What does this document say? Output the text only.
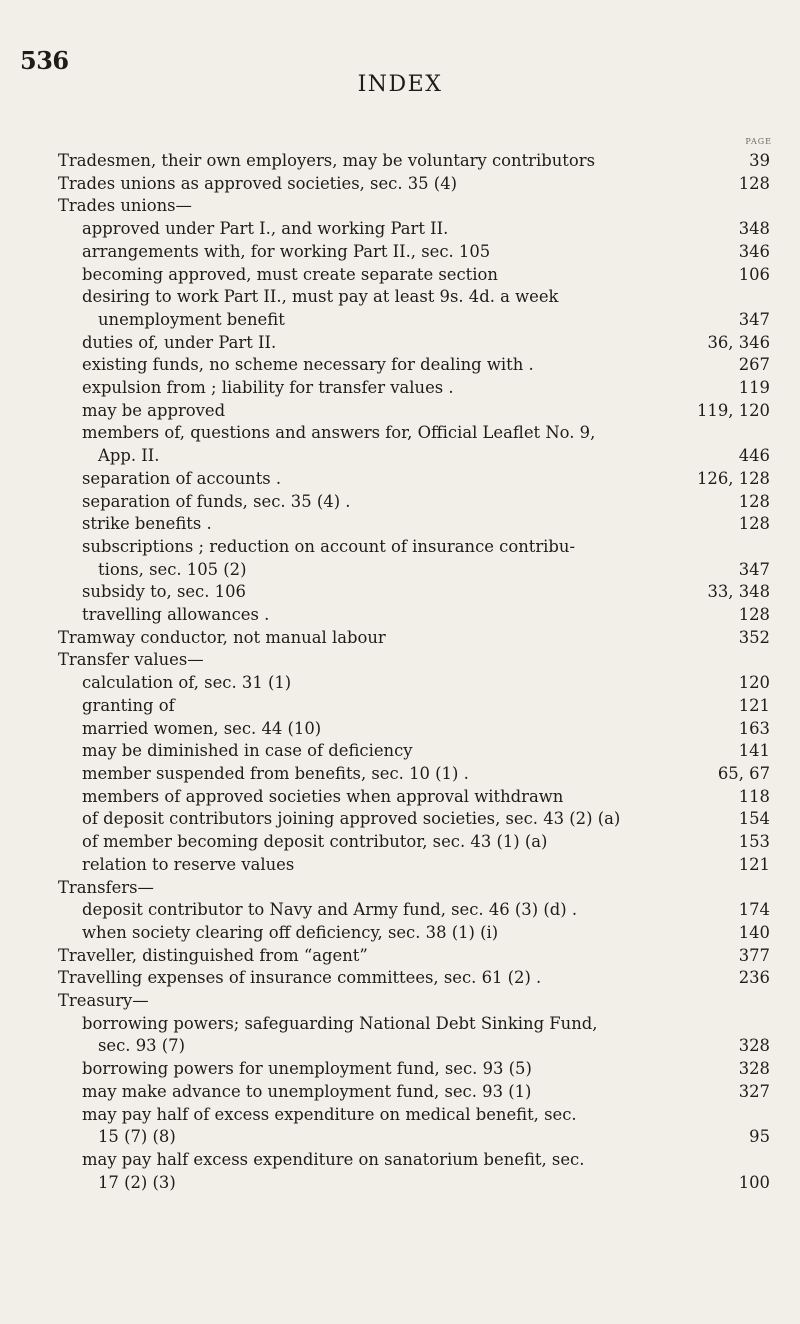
536
INDEX
PAGE
Tradesmen, their own employers, may be voluntary contributors	39
Trades unions as approved societies, sec. 35 (4)	128
Trades unions—
approved under Part I., and working Part II.	348
arrangements with, for working Part II., sec. 105	346
becoming approved, must create separate section	106
desiring to work Part II., must pay at least 9s. 4d. a week
unemployment benefit	347
duties of, under Part II.	36, 346
existing funds, no scheme necessary for dealing with .	267
expulsion from ; liability for transfer values .	119
may be approved	119, 120
members of, questions and answers for, Official Leaflet No. 9,
App. II.	446
separation of accounts .	126, 128
separation of funds, sec. 35 (4) .	128
strike benefits .	128
subscriptions ; reduction on account of insurance contribu-
tions, sec. 105 (2)	347
subsidy to, sec. 106	33, 348
travelling allowances .	128
Tramway conductor, not manual labour	352
Transfer values—
calculation of, sec. 31 (1)	120
granting of	121
married women, sec. 44 (10)	163
may be diminished in case of deficiency	141
member suspended from benefits, sec. 10 (1) .	65, 67
members of approved societies when approval withdrawn	118
of deposit contributors joining approved societies, sec. 43 (2) (a)	154
of member becoming deposit contributor, sec. 43 (1) (a)	153
relation to reserve values	121
Transfers—
deposit contributor to Navy and Army fund, sec. 46 (3) (d) .	174
when society clearing off deficiency, sec. 38 (1) (i)	140
Traveller, distinguished from “agent”	377
Travelling expenses of insurance committees, sec. 61 (2) .	236
Treasury—
borrowing powers; safeguarding National Debt Sinking Fund,
sec. 93 (7)	328
borrowing powers for unemployment fund, sec. 93 (5)	328
may make advance to unemployment fund, sec. 93 (1)	327
may pay half of excess expenditure on medical benefit, sec.
15 (7) (8)	95
may pay half excess expenditure on sanatorium benefit, sec.
17 (2) (3)	100
